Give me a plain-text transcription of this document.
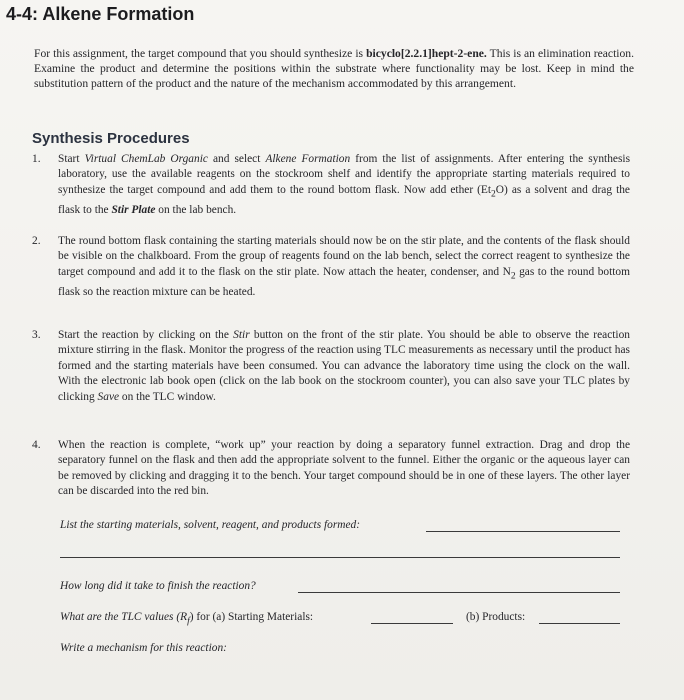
4-4: Alkene Formation
For this assignment, the target compound that you should synthesize is bicyclo[2.2.1]hept-2-ene. This is an elimination reaction. Examine the product and determine the positions within the substrate where functionality may be lost. Keep in mind the substitution pattern of the product and the nature of the mechanism accommodated by this arrangement.
Synthesis Procedures
1. Start Virtual ChemLab Organic and select Alkene Formation from the list of assignments. After entering the synthesis laboratory, use the available reagents on the stockroom shelf and identify the appropriate starting materials required to synthesize the target compound and add them to the round bottom flask. Now add ether $(Et_2O)$ as a solvent and drag the flask to the Stir Plate on the lab bench.
2. The round bottom flask containing the starting materials should now be on the stir plate, and the contents of the flask should be visible on the chalkboard. From the group of reagents found on the lab bench, select the correct reagent to synthesize the target compound and add it to the flask on the stir plate. Now attach the heater, condenser, and $N_2$ gas to the round bottom flask so the reaction mixture can be heated.
3. Start the reaction by clicking on the Stir button on the front of the stir plate. You should be able to observe the reaction mixture stirring in the flask. Monitor the progress of the reaction using TLC measurements as necessary until the product has formed and the starting materials have been consumed. You can advance the laboratory time using the clock on the wall. With the electronic lab book open (click on the lab book on the stockroom counter), you can also save your TLC plates by clicking Save on the TLC window.
4. When the reaction is complete, “work up” your reaction by doing a separatory funnel extraction. Drag and drop the separatory funnel on the flask and then add the appropriate solvent to the funnel. Either the organic or the aqueous layer can be removed by clicking and dragging it to the bench. Your target compound should be in one of these layers. The other layer can be discarded into the red bin.
List the starting materials, solvent, reagent, and products formed:
How long did it take to finish the reaction?
What are the TLC values $(R_f)$ for (a) Starting Materials:	(b) Products:
Write a mechanism for this reaction:
